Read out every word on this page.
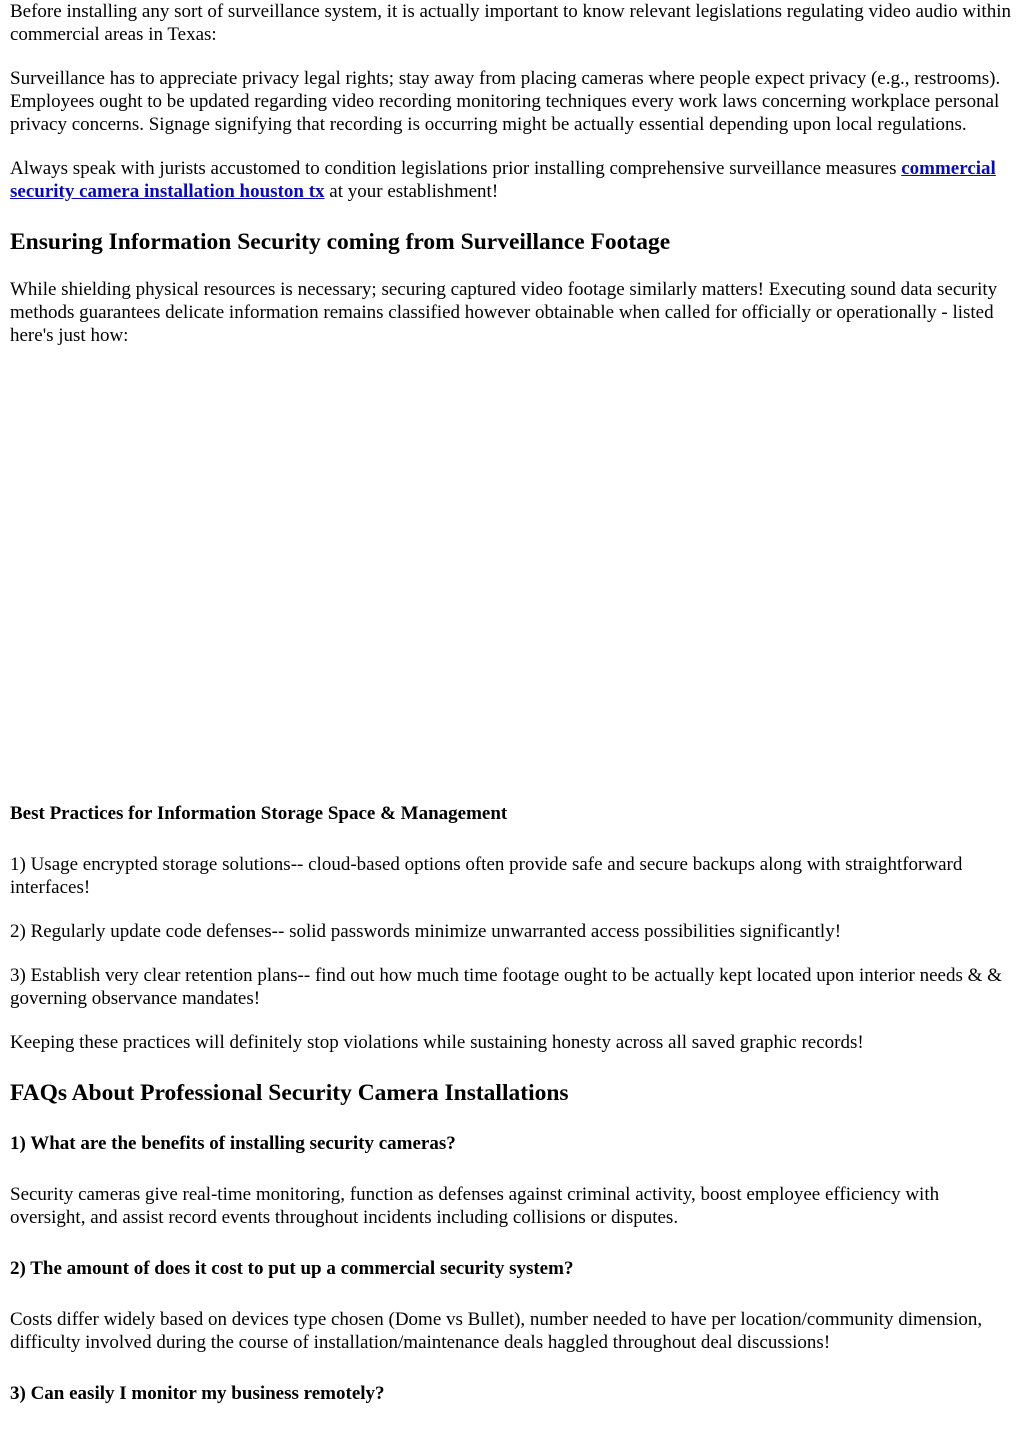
Before installing any sort of surveillance system, it is actually important to know relevant legislations regulating video audio within commercial areas in Texas:

Surveillance has to appreciate privacy legal rights; stay away from placing cameras where people expect privacy (e.g., restrooms). Employees ought to be updated regarding video recording monitoring techniques every work laws concerning workplace personal privacy concerns. Signage signifying that recording is occurring might be actually essential depending upon local regulations.

Always speak with jurists accustomed to condition legislations prior installing comprehensive surveillance measures commercial security camera installation houston tx at your establishment!

Ensuring Information Security coming from Surveillance Footage

While shielding physical resources is necessary; securing captured video footage similarly matters! Executing sound data security methods guarantees delicate information remains classified however obtainable when called for officially or operationally - listed here's just how:

Best Practices for Information Storage Space & Management

1) Usage encrypted storage solutions-- cloud-based options often provide safe and secure backups along with straightforward interfaces!

2) Regularly update code defenses-- solid passwords minimize unwarranted access possibilities significantly!

3) Establish very clear retention plans-- find out how much time footage ought to be actually kept located upon interior needs & & governing observance mandates!

Keeping these practices will definitely stop violations while sustaining honesty across all saved graphic records!

FAQs About Professional Security Camera Installations
1) What are the benefits of installing security cameras?

Security cameras give real-time monitoring, function as defenses against criminal activity, boost employee efficiency with oversight, and assist record events throughout incidents including collisions or disputes.

2) The amount of does it cost to put up a commercial security system?

Costs differ widely based on devices type chosen (Dome vs Bullet), number needed to have per location/community dimension, difficulty involved during the course of installation/maintenance deals haggled throughout deal discussions!

3) Can easily I monitor my business remotely?
